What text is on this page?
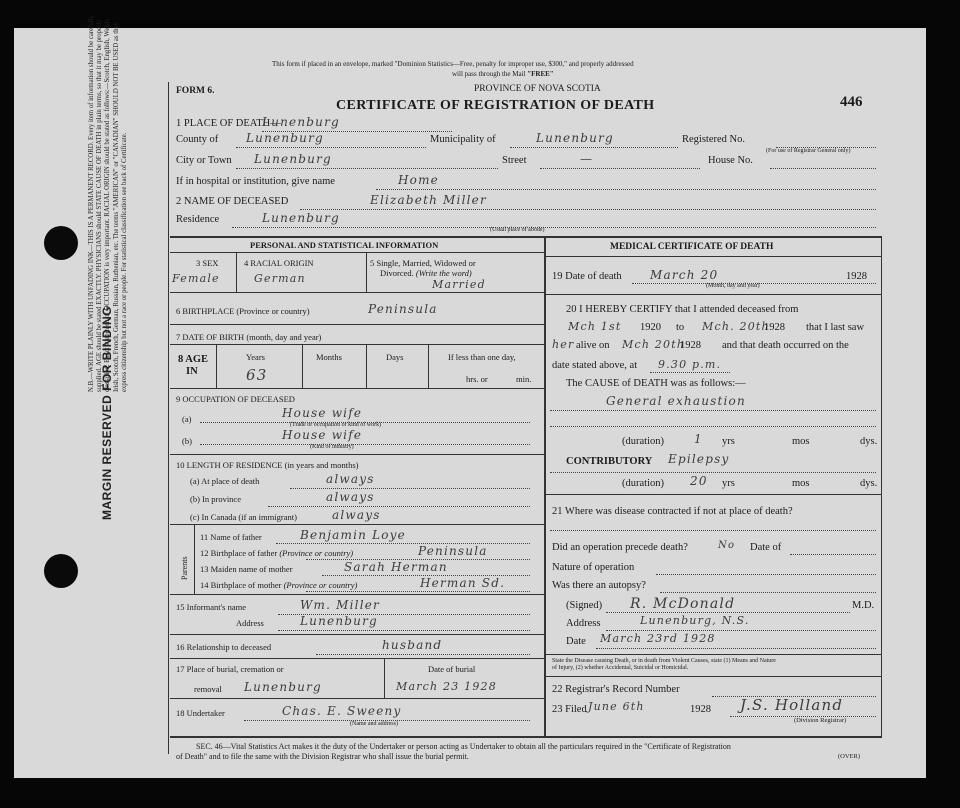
MARGIN RESERVED FOR BINDING
N.B.—WRITE PLAINLY WITH UNFADING INK—THIS IS A PERMANENT RECORD. Every item of information should be carefully supplied. AGE should be stated EXACTLY. PHYSICIANS should STATE CAUSE OF DEATH in plain terms, so that it may be properly classified. Exact statement of OCCUPATION is very important. RACIAL ORIGIN should be stated as follows:—Scotch, English, Welsh, Irish, Scotch, French, German, Russian, Ruthenian, etc. The terms "AMERICAN" or "CANADIAN" SHOULD NOT BE USED as they express citizenship but not a race or people. For statistical classification see back of Certificate.
This form if placed in an envelope, marked "Dominion Statistics—Free, penalty for improper use, $300," and properly addressed
will pass through the Mail "FREE"
PROVINCE OF NOVA SCOTIA
FORM 6.
CERTIFICATE OF REGISTRATION OF DEATH	446
1 PLACE OF DEATH—
Lunenburg
County of Lunenburg	Municipality of	Lunenburg	Registered No.
(For use of Registrar General only)
City or Town Lunenburg	Street	—	House No.
If in hospital or institution, give name	Home
2 NAME OF DECEASED	Elizabeth Miller
Residence	Lunenburg
(Usual place of abode)
PERSONAL AND STATISTICAL INFORMATION
3 SEX
Female
4 RACIAL ORIGIN
German
5 Single, Married, Widowed or
Divorced. (Write the word)
Married
6 BIRTHPLACE (Province or country)	Peninsula
7 DATE OF BIRTH (month, day and year)
8 AGE
IN
Years
63
Months	Days	If less than one day,
hrs. or	min.
9 OCCUPATION OF DECEASED
(a)	House wife
(Trade or occupation or kind of work)
(b)	House wife
(Kind of industry)
10 LENGTH OF RESIDENCE (in years and months)
(a) At place of death	always
(b) In province	always
(c) In Canada (if an immigrant)	always
Parents
11 Name of father	Benjamin Loye
12 Birthplace of father (Province or country)	Peninsula
13 Maiden name of mother	Sarah Herman
14 Birthplace of mother (Province or country)	Herman Sd.
15 Informant's name	Wm. Miller
Address	Lunenburg
16 Relationship to deceased	husband
17 Place of burial, cremation or
removal Lunenburg
Date of burial
March 23 1928
18 Undertaker	Chas. E. Sweeny
(Name and address)
MEDICAL CERTIFICATE OF DEATH
19 Date of death March 20	1928
(Month, day and year)
20 I HEREBY CERTIFY that I attended deceased from
Mch 1st 1920 to Mch. 20th
1928 that I last saw
her alive on Mch 20th
1928 and that death occurred on the
date stated above, at 9.30 p.m.
The CAUSE of DEATH was as follows:—
General exhaustion
(duration)	1 yrs	mos	dys.
CONTRIBUTORY Epilepsy
(duration) 20 yrs	mos	dys.
21 Where was disease contracted if not at place of death?
Did an operation precede death?	No Date of
Nature of operation
Was there an autopsy?
(Signed) R. McDonald	M.D.
Address	Lunenburg, N.S.
Date March 23rd 1928
State the Disease causing Death, or in death from Violent Causes, state (1) Means and Nature
of Injury, (2) whether Accidental, Suicidal or Homicidal.
22 Registrar's Record Number
23 Filed June 6th	1928 J.S. Holland
(Division Registrar)
SEC. 46—Vital Statistics Act makes it the duty of the Undertaker or person acting as Undertaker to obtain all the particulars required in the "Certificate of Registration
of Death" and to file the same with the Division Registrar who shall issue the burial permit.	(OVER)
